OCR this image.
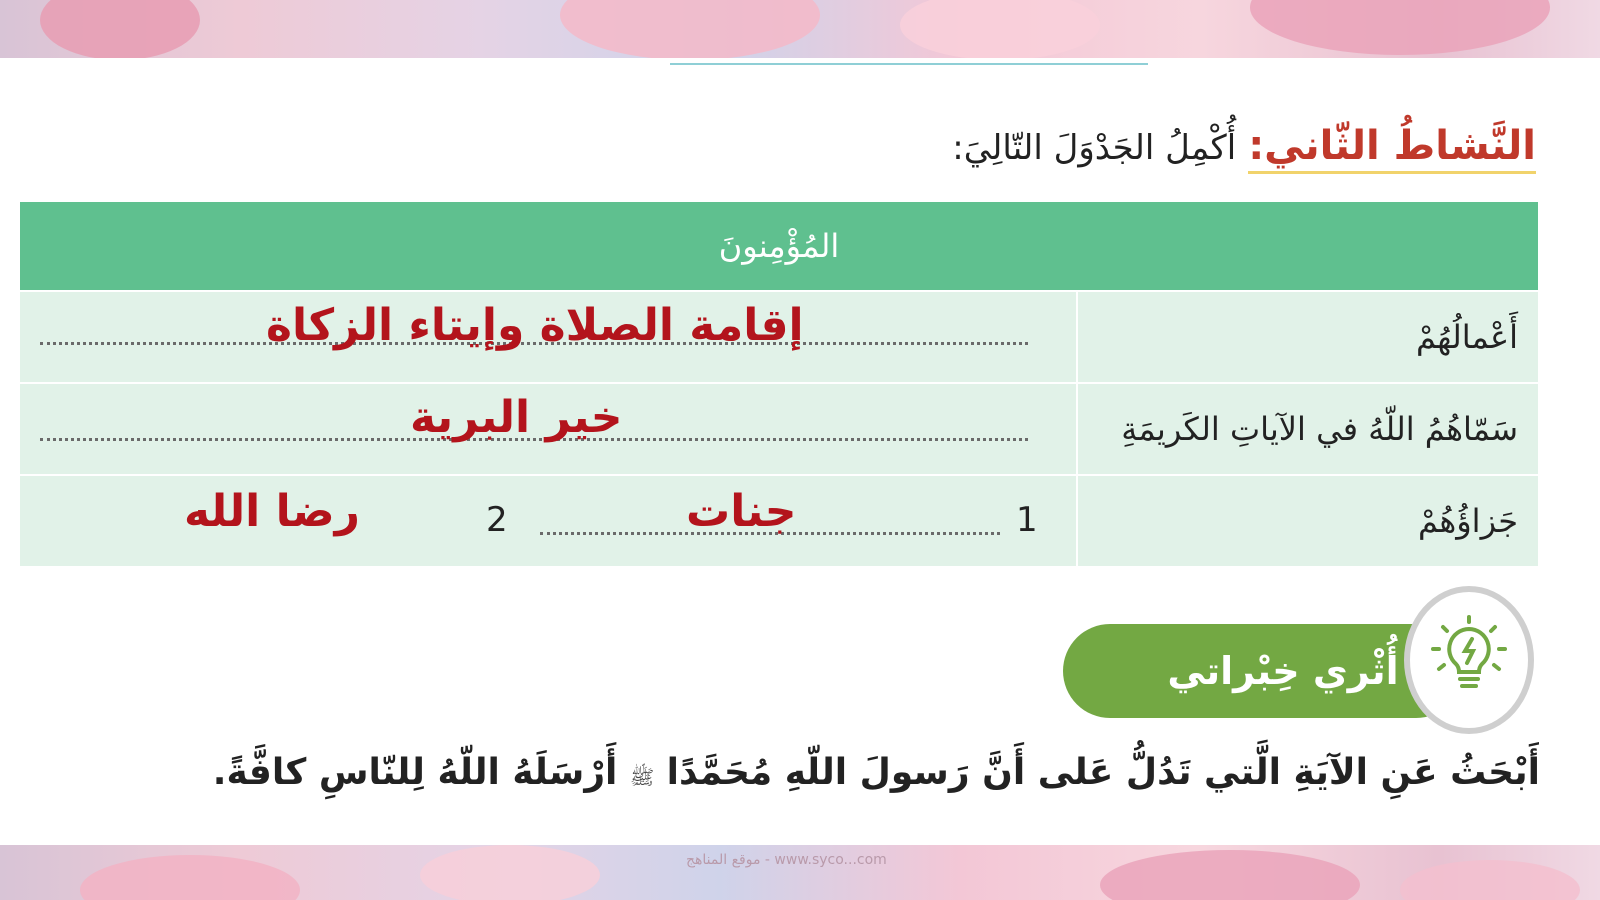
النَّشاطُ الثّاني:
أُكْمِلُ الجَدْوَلَ التّالِيَ:
المُؤْمِنونَ
أَعْمالُهُمْ
إقامة الصلاة وإيتاء الزكاة
سَمّاهُمُ اللّهُ في الآياتِ الكَريمَةِ
خير البرية
جَزاؤُهُمْ
1
جنات
2
رضا الله
أُثْري خِبْراتي
أَبْحَثُ عَنِ الآيَةِ الَّتي تَدُلُّ عَلى أَنَّ رَسولَ اللّهِ مُحَمَّدًا ﷺ أَرْسَلَهُ اللّهُ لِلنّاسِ كافَّةً.
موقع المناهج - www.syco...com
